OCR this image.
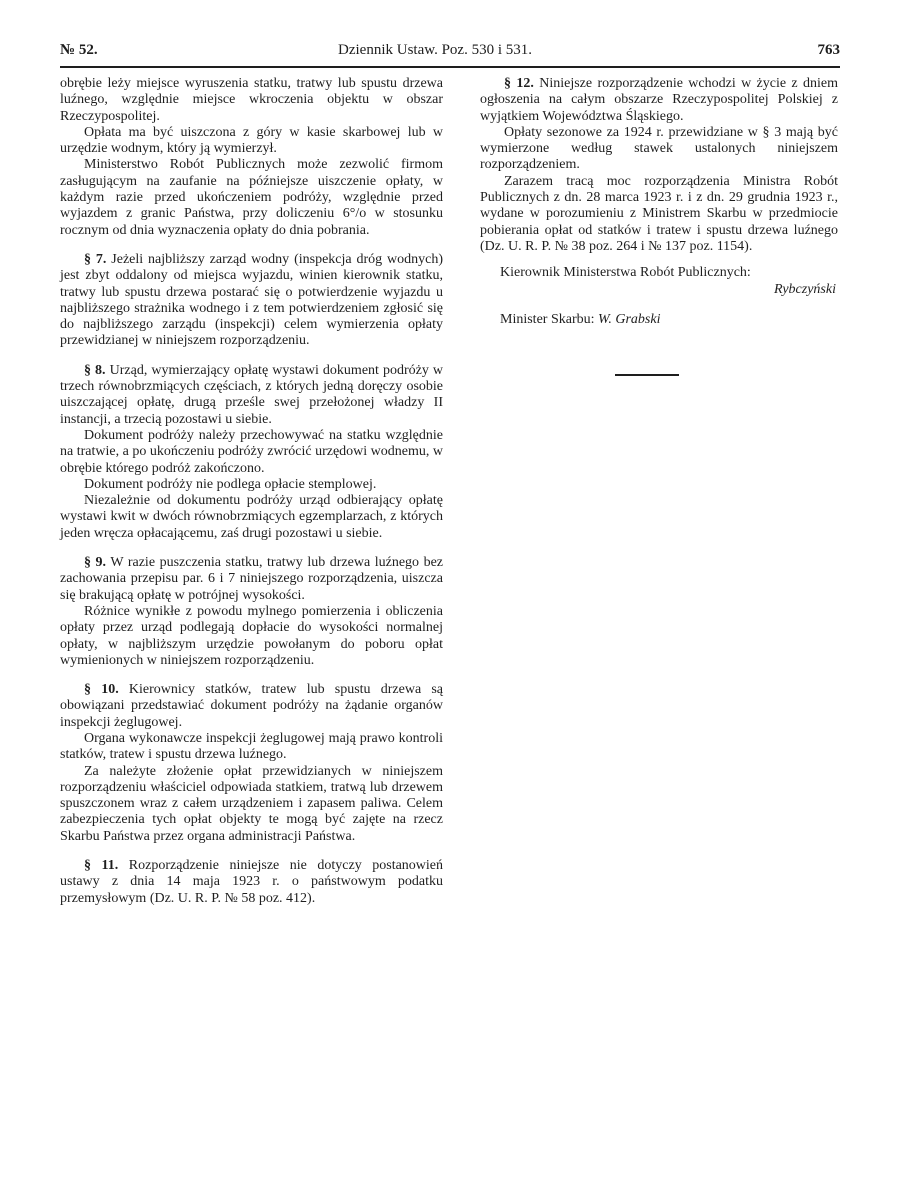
№ 52.	Dziennik Ustaw. Poz. 530 i 531.	763

obrębie leży miejsce wyruszenia statku, tratwy lub spustu drzewa luźnego, względnie miejsce wkroczenia objektu w obszar Rzeczypospolitej.

Opłata ma być uiszczona z góry w kasie skarbowej lub w urzędzie wodnym, który ją wymierzył.

Ministerstwo Robót Publicznych może zezwolić firmom zasługującym na zaufanie na późniejsze uiszczenie opłaty, w każdym razie przed ukończeniem podróży, względnie przed wyjazdem z granic Państwa, przy doliczeniu 6°/o w stosunku rocznym od dnia wyznaczenia opłaty do dnia pobrania.

§ 7. Jeżeli najbliższy zarząd wodny (inspekcja dróg wodnych) jest zbyt oddalony od miejsca wyjazdu, winien kierownik statku, tratwy lub spustu drzewa postarać się o potwierdzenie wyjazdu u najbliższego strażnika wodnego i z tem potwierdzeniem zgłosić się do najbliższego zarządu (inspekcji) celem wymierzenia opłaty przewidzianej w niniejszem rozporządzeniu.

§ 8. Urząd, wymierzający opłatę wystawi dokument podróży w trzech równobrzmiących częściach, z których jedną doręczy osobie uiszczającej opłatę, drugą prześle swej przełożonej władzy II instancji, a trzecią pozostawi u siebie.

Dokument podróży należy przechowywać na statku względnie na tratwie, a po ukończeniu podróży zwrócić urzędowi wodnemu, w obrębie którego podróż zakończono.

Dokument podróży nie podlega opłacie stemplowej.

Niezależnie od dokumentu podróży urząd odbierający opłatę wystawi kwit w dwóch równobrzmiących egzemplarzach, z których jeden wręcza opłacającemu, zaś drugi pozostawi u siebie.

§ 9. W razie puszczenia statku, tratwy lub drzewa luźnego bez zachowania przepisu par. 6 i 7 niniejszego rozporządzenia, uiszcza się brakującą opłatę w potrójnej wysokości.

Różnice wynikłe z powodu mylnego pomierzenia i obliczenia opłaty przez urząd podlegają dopłacie do wysokości normalnej opłaty, w najbliższym urzędzie powołanym do poboru opłat wymienionych w niniejszem rozporządzeniu.

§ 10. Kierownicy statków, tratew lub spustu drzewa są obowiązani przedstawiać dokument podróży na żądanie organów inspekcji żeglugowej.

Organa wykonawcze inspekcji żeglugowej mają prawo kontroli statków, tratew i spustu drzewa luźnego.

Za należyte złożenie opłat przewidzianych w niniejszem rozporządzeniu właściciel odpowiada statkiem, tratwą lub drzewem spuszczonem wraz z całem urządzeniem i zapasem paliwa. Celem zabezpieczenia tych opłat objekty te mogą być zajęte na rzecz Skarbu Państwa przez organa administracji Państwa.

§ 11. Rozporządzenie niniejsze nie dotyczy postanowień ustawy z dnia 14 maja 1923 r. o państwowym podatku przemysłowym (Dz. U. R. P. № 58 poz. 412).

§ 12. Niniejsze rozporządzenie wchodzi w życie z dniem ogłoszenia na całym obszarze Rzeczypospolitej Polskiej z wyjątkiem Województwa Śląskiego.

Opłaty sezonowe za 1924 r. przewidziane w § 3 mają być wymierzone według stawek ustalonych niniejszem rozporządzeniem.

Zarazem tracą moc rozporządzenia Ministra Robót Publicznych z dn. 28 marca 1923 r. i z dn. 29 grudnia 1923 r., wydane w porozumieniu z Ministrem Skarbu w przedmiocie pobierania opłat od statków i tratew i spustu drzewa luźnego (Dz. U. R. P. № 38 poz. 264 i № 137 poz. 1154).

Kierownik Ministerstwa Robót Publicznych:
Rybczyński
Minister Skarbu: W. Grabski
